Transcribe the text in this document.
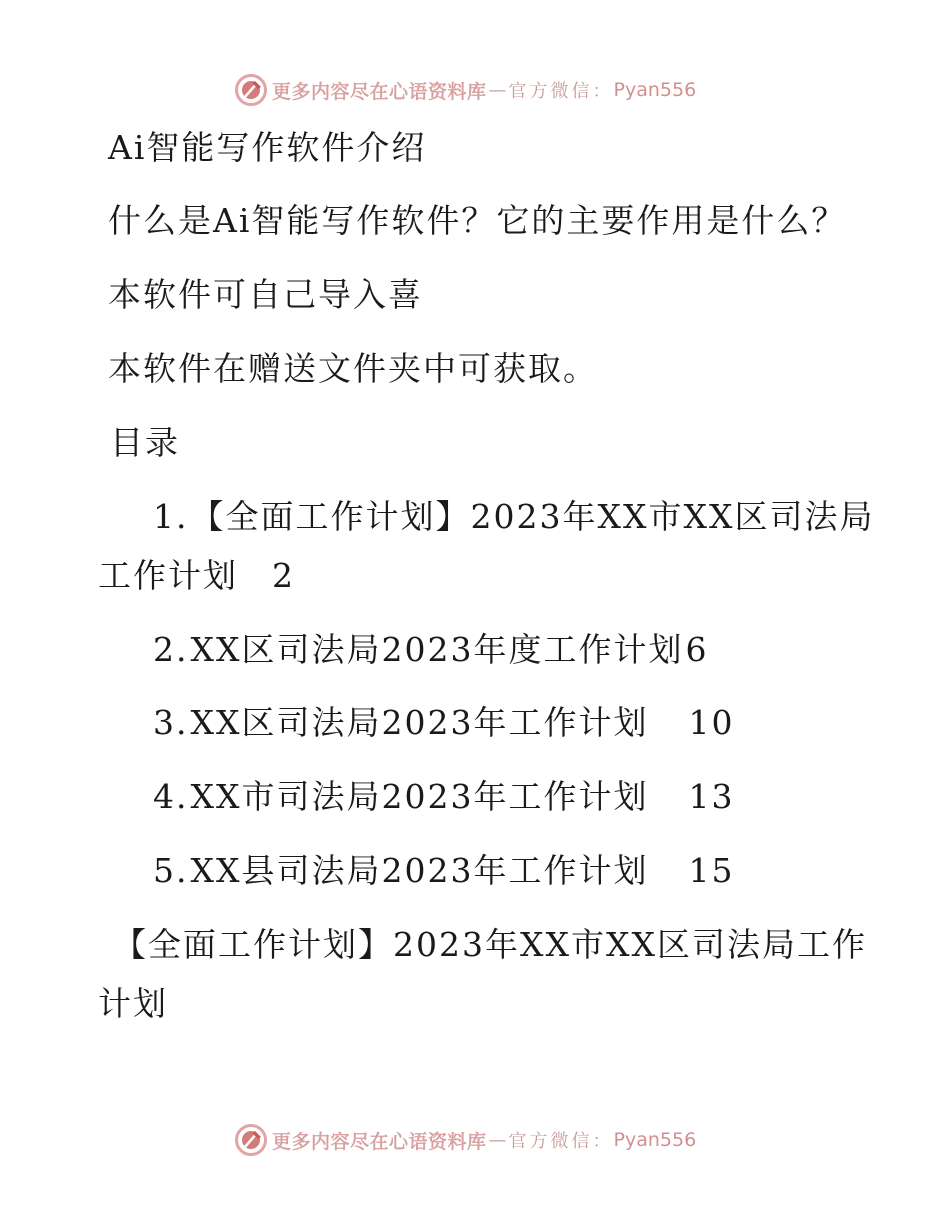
更多内容尽在心语资料库 — 官方微信： Pyan556
Ai智能写作软件介绍
什么是Ai智能写作软件？它的主要作用是什么？
本软件可自己导入喜
本软件在赠送文件夹中可获取。
目录
1.【全面工作计划】2023年XX市XX区司法局
工作计划 2
2.XX区司法局2023年度工作计划6
3.XX区司法局2023年工作计划 10
4.XX市司法局2023年工作计划 13
5.XX县司法局2023年工作计划 15
【全面工作计划】2023年XX市XX区司法局工作
计划
更多内容尽在心语资料库 — 官方微信： Pyan556
